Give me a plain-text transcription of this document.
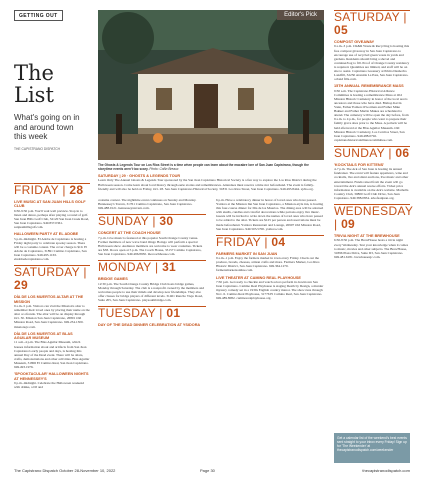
GETTING OUT
The List
What's going on in and around town this week
THE CAPISTRANO DISPATCH
Editor's Pick
The Ghosts & Legends Tour on Los Rios Street is a time when people can learn about the macabre lore of San Juan Capistrano, though the storytime events aren't too scary. Photo: Collin Breaux
SATURDAY | 29 · GHOSTS & LEGENDS TOUR

Learn Only The Annual Ghosts & Legends Tour sponsored by the San Juan Capistrano Historical Society is a fun way to explore the Los Rios District during the Halloween season. Come learn about local history through eerie stories and remembrances. Attendees must reserve a time slot beforehand. The event is family-friendly and will also be held on Friday, Oct. 28. San Juan Capistrano Historical Society, 31831 Los Rios Street, San Juan Capistrano. 949.493.8444. sjchs.org.

FRIDAY | 28
LIVE MUSIC AT SAN JUAN HILLS GOLF CLUB

6:30-9:30 p.m. You'll wait well preview. Stop in to listen and dance, perhaps after playing a round of golf. San Juan Hills Golf Club, 32120 San Juan Creek Road, San Juan Capistrano. 949.837.0361. sanjuanhillsgolf.com.

HALLOWEEN PARTY AT EL ADOBE

5 p.m.-midnight. El Adobe de Capistrano is hosting a Friday night party to celebrate spooky season. There will be a costume contest. The cover charge is $10. El Adobe de Capistrano, 31891 Camino Capistrano, San Juan Capistrano. 949.493.1163. eladobedecapistrano.com.

SATURDAY | 29
DÍA DE LOS MUERTOS ALTAR AT THE MISSION

9 a.m.-5 p.m. Visitors can visit the Mission's altar to remember their loved ones by placing their name on the altar or ofrenda. The altar will be on display through Oct. 30. Mission San Juan Capistrano, 26801 Old Mission Road, San Juan Capistrano. 949.234.1300. missionsjc.com.

DÍA DE LOS MUERTOS AT BLAS AGUILAR MUSEUM

11 a.m.-4 p.m. The Blas Aguilar Museum, which houses information about and artifacts from San Juan Capistrano's early people and days, is hosting this annual Day of the Dead event. There will be altars, crafts, demonstrations and other activities. Blas Aguilar Museum, 31806 El Camino Real, San Juan Capistrano. 949.493.1976.

'SPOOKTACULAR' HALLOWEEN NIGHTS AT HENNESSEY'S

9 p.m.-midnight. Celebrate the Halloween weekend with drinks, a DJ and

costume contest. The nighttime event continues on Sunday and Monday. Hennessey's Tavern, 31761 Camino Capistrano, San Juan Capistrano. 949.488.0121. hennesseystavern.com.

SUNDAY | 30
CONCERT AT THE COACH HOUSE

7 p.m. Live music is featured at this popular South Orange County venue. Former members of new wave band Oingo Boingo will perform a special Halloween show. Audience members are welcome to wear costumes. Tickets are $38. Doors open at 5 p.m. The Coach House, 33157 Camino Capistrano, San Juan Capistrano. 949.496.8930. thecoachhouse.com.

MONDAY | 31
BRIDGE GAMES

12:30 p.m. The South Orange County Bridge Club hosts bridge games, Monday through Saturday. The club is a nonprofit owned by the members and welcomes people to use their minds and develop new friendships. They also offer classes for bridge players of different levels. 31461 Rancho Viejo Road, Suite 205, San Juan Capistrano. playsouthbridge.com.

TUESDAY | 01
DAY OF THE DEAD DINNER CELEBRATION AT YSIDORA

6 p.m. Have a celebratory dinner in honor of loved ones who have passed. Ysidora at the Mission Inn San Juan Capistrano, a Mission-style inn, is hosting this four-course dinner for Día de los Muertos. The dining area will be adorned with skulls, candles and colorful decorations while patrons enjoy live music. Guests will be invited to write down the names of loved ones who have passed to be added to the altar. Tickets are $125 per person and reservations must be made beforehand. Ysidora Restaurant and Lounge, 26907 Old Mission Road, San Juan Capistrano. 949.503.5700. ysidora.com.

FRIDAY | 04
FARMERS MARKET IN SAN JUAN

9 a.m.-1 p.m. Enjoy the farmers market in town every Friday. Check out the produce, breads, cheeses, artisan crafts and more. Farmers Market, Los Rios Historic District, San Juan Capistrano. 949.364.1270. farmersmarketsonline.com.

LIVE THEATER AT CAMINO REAL PLAYHOUSE

7:30 p.m. Get ready to chuckle and watch actors perform in downtown San Juan Capistrano. Camino Real Playhouse is staging Death by Design, a murder mystery comedy set in a 1930s English country manor. The show runs through Nov. 6. Camino Real Playhouse, 31776 El Camino Real, San Juan Capistrano. 949.489.8082. caminorealplayhouse.org.

SATURDAY | 05
COMPOST GIVEAWAY

9 a.m.-3 p.m. CR&R Waste & Recycling is hosting this free compost giveaway in San Juan Capistrano to encourage use of recycled green waste in yards and gardens. Residents should bring a shovel and container/bag to fill. Proof of Orange County residency is required. Quantities are limited, and staff will be on site to assist. Capistrano Greenery at Prima Deshecha Landfill, 32250 Avenida La Pata, San Juan Capistrano. ocland fills.com.

15TH ANNUAL REMEMBRANCE MASS

9:30 a.m. The Capistrano Historical Alliance Committee is hosting a remembrance Mass at Old Mission Historic Cemetery in honor of the local area's ancestors and those who have died. Bishop Kevin Vann, Father Eamon O'Gorman and Father Mike Bakker and Father Martin Mukes are scheduled to attend. The cemetery will be open the day before, from 9 a.m. to 4 p.m., for people who want to prepare their family grave sites prior to the Mass. A potluck will be held afterward at the Blas Aguilar Museum. Old Mission Historic Cemetery, Los Cerritos Street, San Juan Capistrano. 949.488.0792. capistranohistoricalalliancecommittee.com.

SUNDAY | 06
'KOCKTAILS FOR KITTENS'

4-7 p.m. The Ark of San Juan is hosting its annual fundraiser. The event will feature appetizers, wine and cocktails, live and silent auctions, live music and other entertainment. Funds raised from the event will go toward the Ark's annual rescue efforts. Ticket price information is available on the Ark's website. Marbella Country Club, 30800 Golf Club Drive, San Juan Capistrano. 949.388.0834. arkofsanjuan.org.

WEDNESDAY | 09
TRIVIA NIGHT AT THE BREWHOUSE

6:30-8:30 p.m. The BrewHouse hosts a trivia night every Wednesday. Test your knowledge when it comes to music, movies and other subjects. The BrewHouse, 31896 Plaza Drive, Suite D3, San Juan Capistrano. 949.481.6181. brewhousesjc.com.

Get a calendar list of the weekend's best events sent straight to your inbox every Friday! Sign up for 'The Weekender' at thecapistranodispatch.com/weekender
The Capistrano Dispatch October 28-November 10, 2022	Page 30	thecapistranodispatch.com
